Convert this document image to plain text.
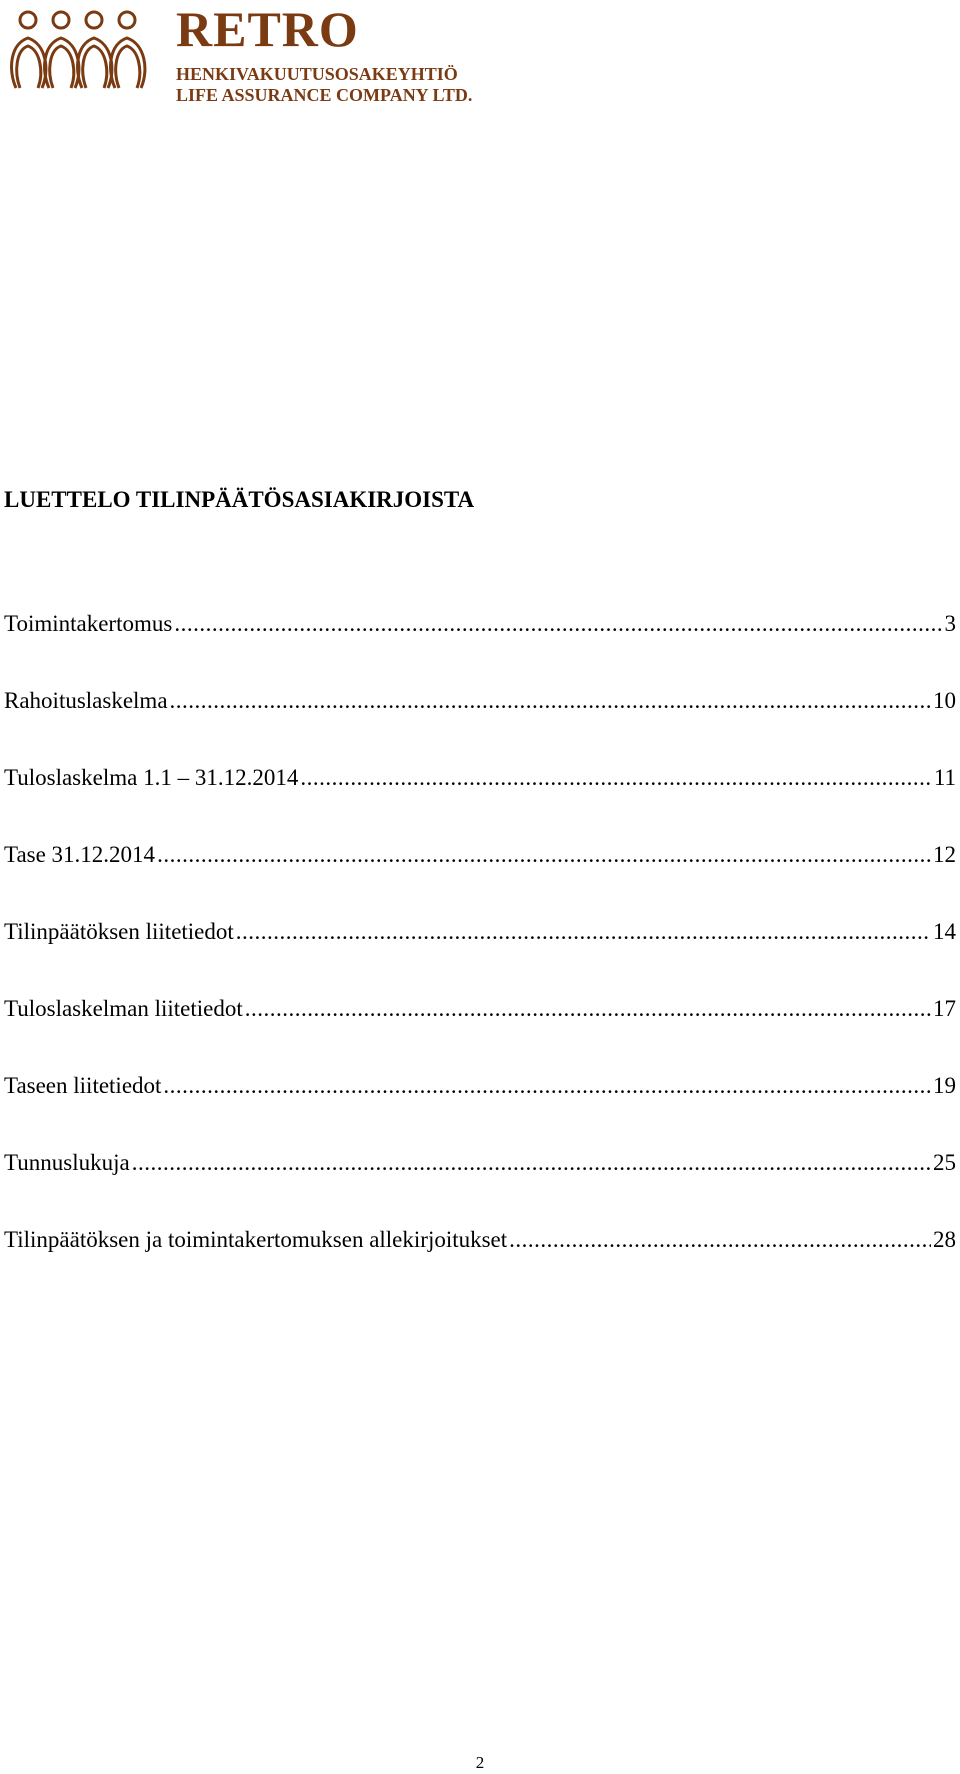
RETRO
HENKIVAKUUTUSOSAKEYHTIÖ
LIFE ASSURANCE COMPANY LTD.
LUETTELO TILINPÄÄTÖSASIAKIRJOISTA
Toimintakertomus .....	3
Rahoituslaskelma .....	10
Tuloslaskelma 1.1 – 31.12.2014 .....	11
Tase 31.12.2014 .....	12
Tilinpäätöksen liitetiedot .....	14
Tuloslaskelman liitetiedot .....	17
Taseen liitetiedot .....	19
Tunnuslukuja .....	25
Tilinpäätöksen ja toimintakertomuksen allekirjoitukset .....	28
2
